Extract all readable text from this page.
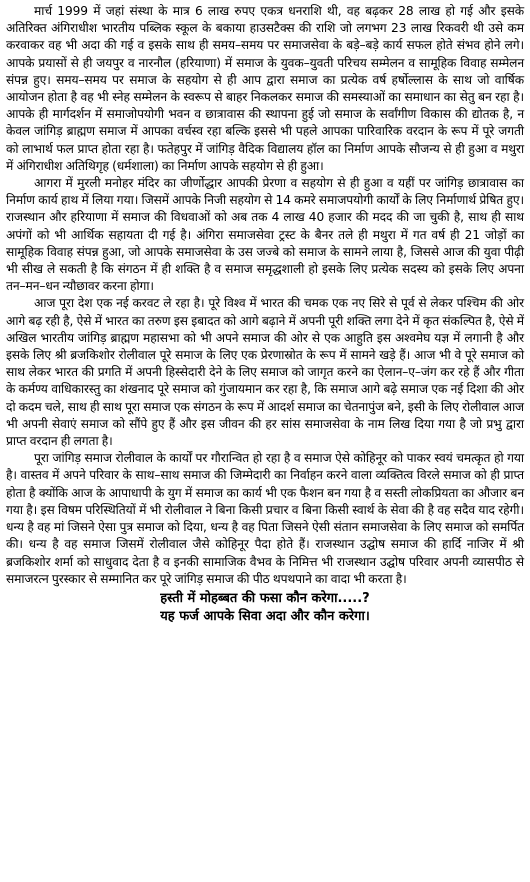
मार्च 1999 में जहां संस्था के मात्र 6 लाख रुपए एकत्र धनराशि थी, वह बढ़कर 28 लाख हो गई और इसके अतिरिक्त अंगिराधीश भारतीय पब्लिक स्कूल के बकाया हाउसटैक्स की राशि जो लगभग 23 लाख रिकवरी थी उसे कम करवाकर वह भी अदा की गई व इसके साथ ही समय–समय पर समाजसेवा के बड़े–बड़े कार्य सफल होते संभव होने लगे। आपके प्रयासों से ही जयपुर व नारनौल (हरियाणा) में समाज के युवक–युवती परिचय सम्मेलन व सामूहिक विवाह सम्मेलन संपन्न हुए। समय–समय पर समाज के सहयोग से ही आप द्वारा समाज का प्रत्येक वर्ष हर्षोल्लास के साथ जो वार्षिक आयोजन होता है वह भी स्नेह सम्मेलन के स्वरूप से बाहर निकलकर समाज की समस्याओं का समाधान का सेतु बन रहा है। आपके ही मार्गदर्शन में समाजोपयोगी भवन व छात्रावास की स्थापना हुई जो समाज के सर्वांगीण विकास की द्योतक है, न केवल जांगिड़ ब्राह्मण समाज में आपका वर्चस्व रहा बल्कि इससे भी पहले आपका पारिवारिक वरदान के रूप में पूरे जगती को लाभार्थ फल प्राप्त होता रहा है। फतेहपुर में जांगिड़ वैदिक विद्यालय हॉल का निर्माण आपके सौजन्य से ही हुआ व मथुरा में अंगिराधीश अतिथिगृह (धर्मशाला) का निर्माण आपके सहयोग से ही हुआ।

आगरा में मुरली मनोहर मंदिर का जीर्णोद्धार आपकी प्रेरणा व सहयोग से ही हुआ व यहीं पर जांगिड़ छात्रावास का निर्माण कार्य हाथ में लिया गया। जिसमें आपके निजी सहयोग से 14 कमरे समाजपयोगी कार्यों के लिए निर्माणार्थ प्रेषित हुए। राजस्थान और हरियाणा में समाज की विधवाओं को अब तक 4 लाख 40 हजार की मदद की जा चुकी है, साथ ही साथ अपंगों को भी आर्थिक सहायता दी गई है। अंगिरा समाजसेवा ट्रस्ट के बैनर तले ही मथुरा में गत वर्ष ही 21 जोड़ों का सामूहिक विवाह संपन्न हुआ, जो आपके समाजसेवा के उस जज्बे को समाज के सामने लाया है, जिससे आज की युवा पीढ़ी भी सीख ले सकती है कि संगठन में ही शक्ति है व समाज समृद्धशाली हो इसके लिए प्रत्येक सदस्य को इसके लिए अपना तन–मन–धन न्यौछावर करना होगा।

आज पूरा देश एक नई करवट ले रहा है। पूरे विश्व में भारत की चमक एक नए सिरे से पूर्व से लेकर पश्चिम की ओर आगे बढ़ रही है, ऐसे में भारत का तरुण इस इबादत को आगे बढ़ाने में अपनी पूरी शक्ति लगा देने में कृत संकल्पित है, ऐसे में अखिल भारतीय जांगिड़ ब्राह्मण महासभा को भी अपने समाज की ओर से एक आहुति इस अश्वमेघ यज्ञ में लगानी है और इसके लिए श्री ब्रजकिशोर रोलीवाल पूरे समाज के लिए एक प्रेरणास्रोत के रूप में सामने खड़े हैं। आज भी वे पूरे समाज को साथ लेकर भारत की प्रगति में अपनी हिस्सेदारी देने के लिए समाज को जागृत करने का ऐलान–ए–जंग कर रहे हैं और गीता के कर्मण्य वाधिकारस्तु का शंखनाद पूरे समाज को गुंजायमान कर रहा है, कि समाज आगे बढ़े समाज एक नई दिशा की ओर दो कदम चले, साथ ही साथ पूरा समाज एक संगठन के रूप में आदर्श समाज का चेतनापुंज बने, इसी के लिए रोलीवाल आज भी अपनी सेवाएं समाज को सौंपे हुए हैं और इस जीवन की हर सांस समाजसेवा के नाम लिख दिया गया है जो प्रभु द्वारा प्राप्त वरदान ही लगता है।

पूरा जांगिड़ समाज रोलीवाल के कार्यों पर गौरान्वित हो रहा है व समाज ऐसे कोहिनूर को पाकर स्वयं चमत्कृत हो गया है। वास्तव में अपने परिवार के साथ–साथ समाज की जिम्मेदारी का निर्वाहन करने वाला व्यक्तित्व विरले समाज को ही प्राप्त होता है क्योंकि आज के आपाधापी के युग में समाज का कार्य भी एक फैशन बन गया है व सस्ती लोकप्रियता का औजार बन गया है। इस विषम परिस्थितियों में भी रोलीवाल ने बिना किसी प्रचार व बिना किसी स्वार्थ के सेवा की है वह सदैव याद रहेगी। धन्य है वह मां जिसने ऐसा पुत्र समाज को दिया, धन्य है वह पिता जिसने ऐसी संतान समाजसेवा के लिए समाज को समर्पित की। धन्य है वह समाज जिसमें रोलीवाल जैसे कोहिनूर पैदा होते हैं। राजस्थान उद्घोष समाज की हार्दि नाजिर में श्री ब्रजकिशोर शर्मा को साधुवाद देता है व इनकी सामाजिक वैभव के निमित्त भी राजस्थान उद्घोष परिवार अपनी व्यासपीठ से समाजरत्न पुरस्कार से सम्मानित कर पूरे जांगिड़ समाज की पीठ थपथपाने का वादा भी करता है।

हस्ती में मोहब्बत की फसा कौन करेगा.....?
यह फर्ज आपके सिवा अदा और कौन करेगा।
